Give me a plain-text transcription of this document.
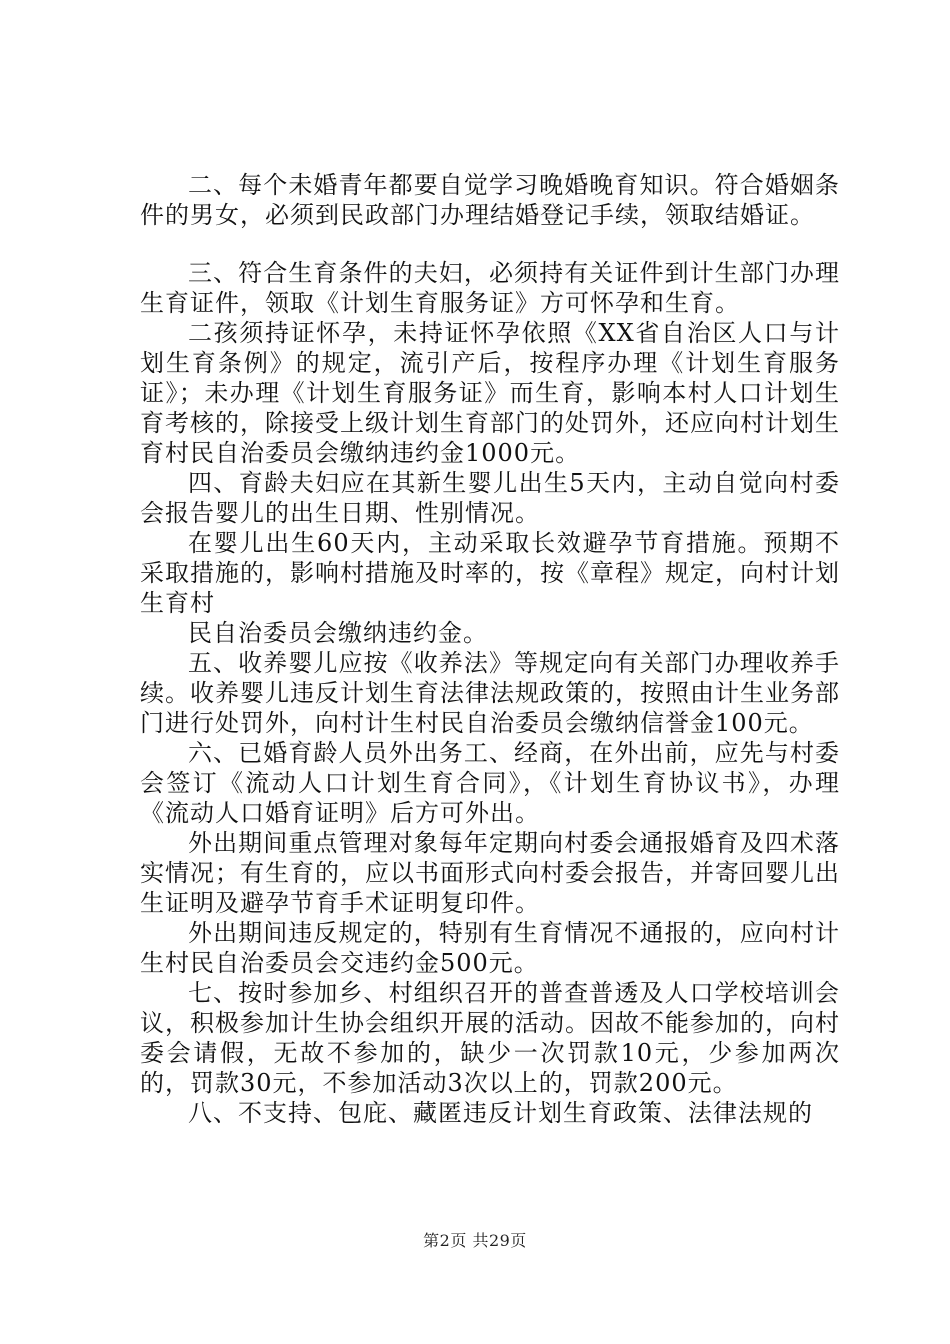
二、每个未婚青年都要自觉学习晚婚晚育知识。符合婚姻条件的男女，必须到民政部门办理结婚登记手续，领取结婚证。

三、符合生育条件的夫妇，必须持有关证件到计生部门办理生育证件，领取《计划生育服务证》方可怀孕和生育。

二孩须持证怀孕，未持证怀孕依照《XX省自治区人口与计划生育条例》的规定，流引产后，按程序办理《计划生育服务证》；未办理《计划生育服务证》而生育，影响本村人口计划生育考核的，除接受上级计划生育部门的处罚外，还应向村计划生育村民自治委员会缴纳违约金1000元。

四、育龄夫妇应在其新生婴儿出生5天内，主动自觉向村委会报告婴儿的出生日期、性别情况。

在婴儿出生60天内，主动采取长效避孕节育措施。预期不采取措施的，影响村措施及时率的，按《章程》规定，向村计划生育村

民自治委员会缴纳违约金。

五、收养婴儿应按《收养法》等规定向有关部门办理收养手续。收养婴儿违反计划生育法律法规政策的，按照由计生业务部门进行处罚外，向村计生村民自治委员会缴纳信誉金100元。

六、已婚育龄人员外出务工、经商，在外出前，应先与村委会签订《流动人口计划生育合同》，《计划生育协议书》，办理《流动人口婚育证明》后方可外出。

外出期间重点管理对象每年定期向村委会通报婚育及四术落实情况；有生育的，应以书面形式向村委会报告，并寄回婴儿出生证明及避孕节育手术证明复印件。

外出期间违反规定的，特别有生育情况不通报的，应向村计生村民自治委员会交违约金500元。

七、按时参加乡、村组织召开的普查普透及人口学校培训会议，积极参加计生协会组织开展的活动。因故不能参加的，向村委会请假，无故不参加的，缺少一次罚款10元，少参加两次的，罚款30元，不参加活动3次以上的，罚款200元。

八、不支持、包庇、藏匿违反计划生育政策、法律法规的

第2页 共29页
